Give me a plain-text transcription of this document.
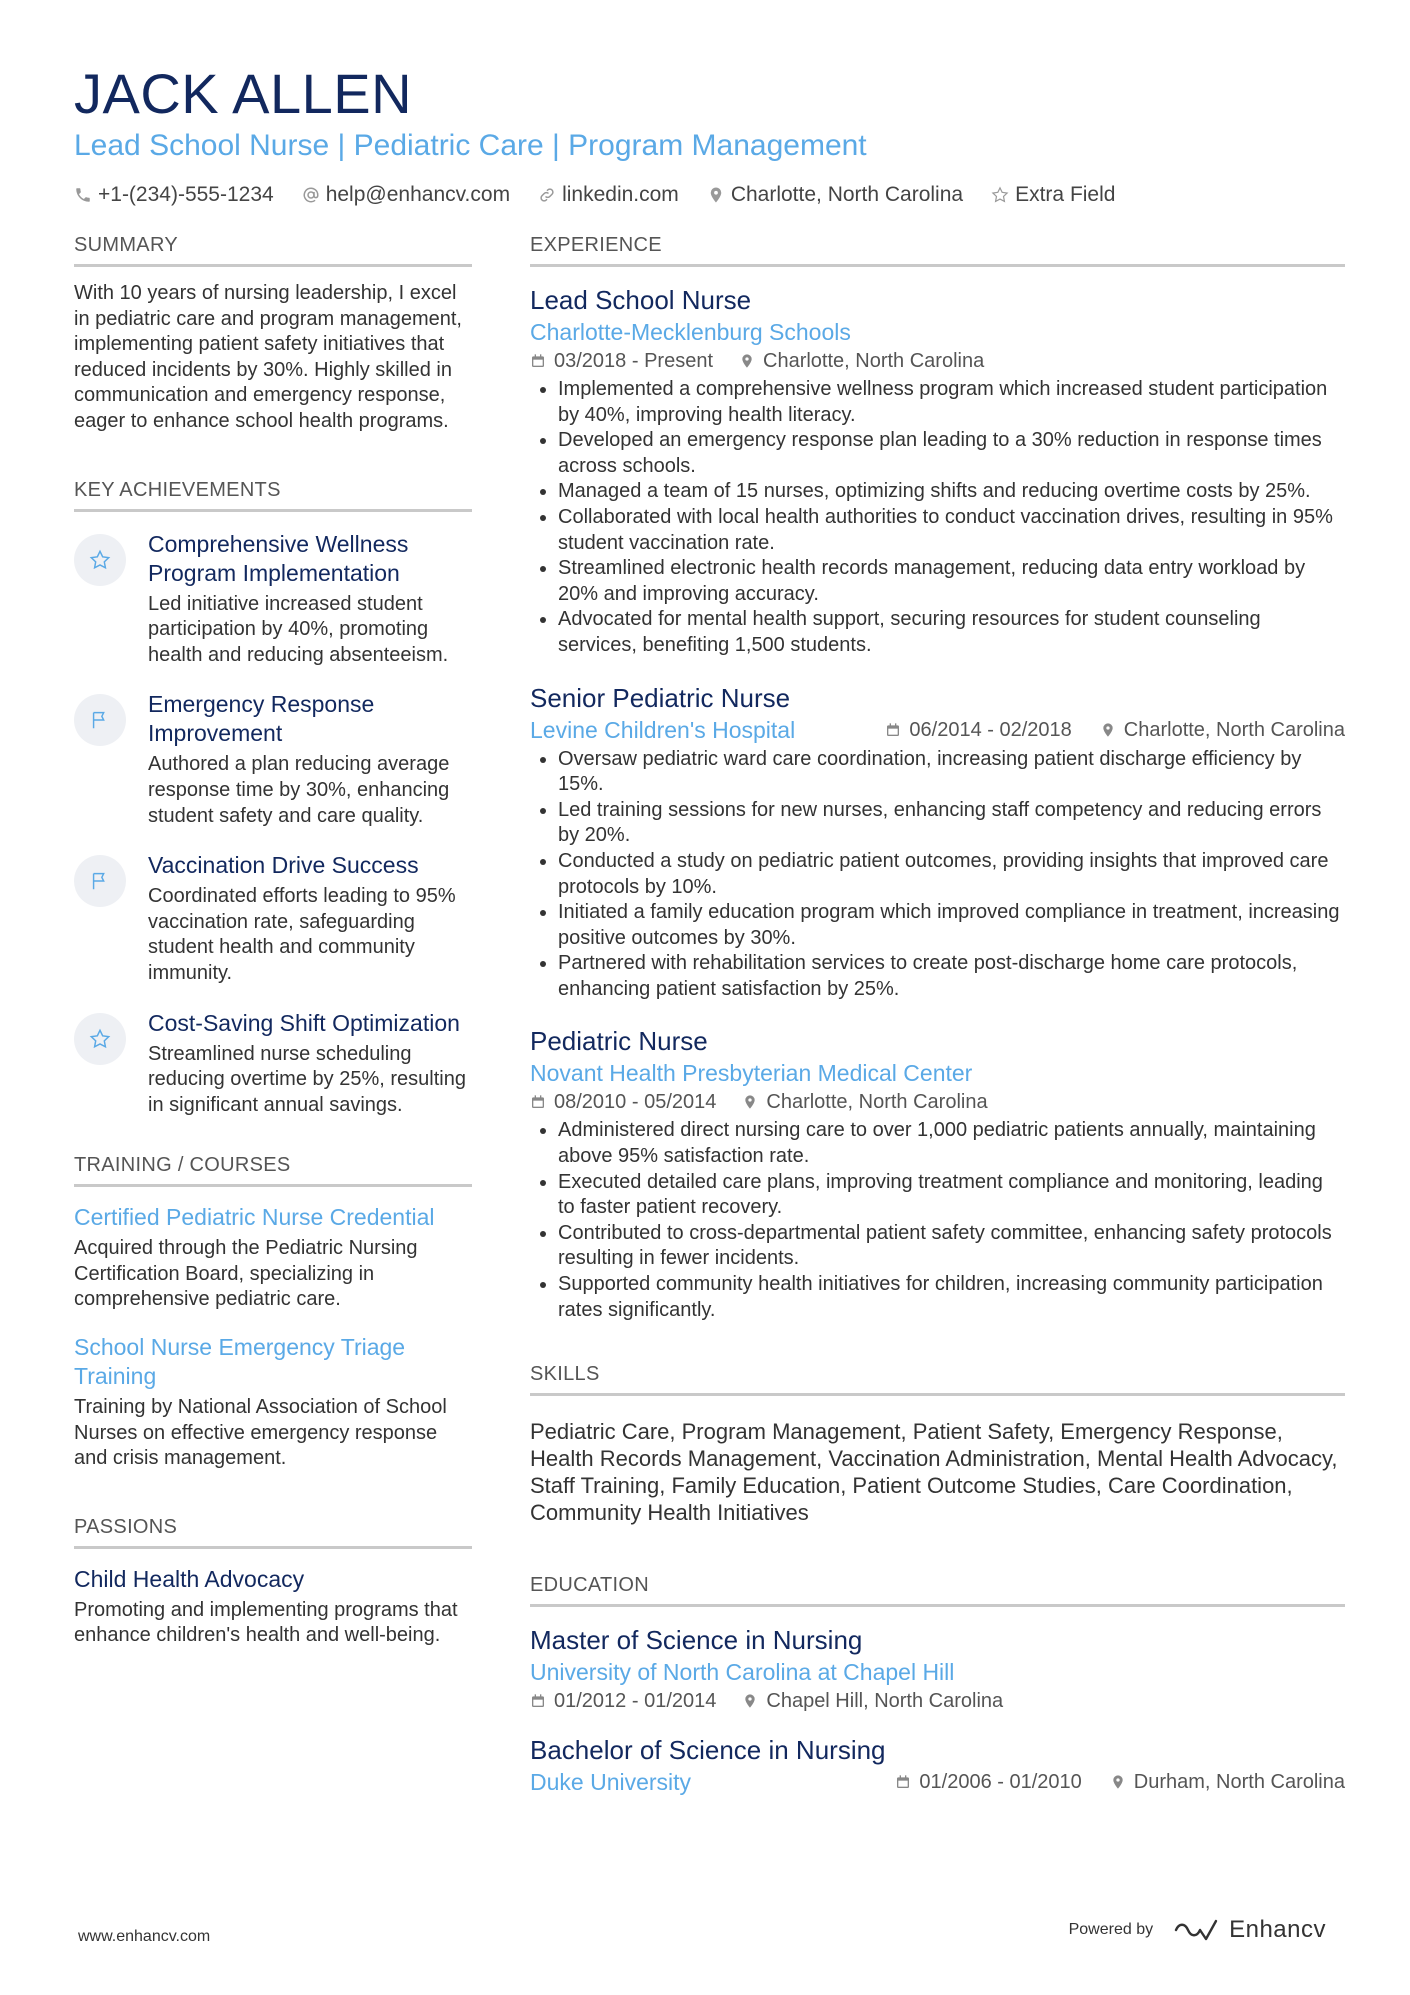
JACK ALLEN
Lead School Nurse | Pediatric Care | Program Management
+1-(234)-555-1234 help@enhancv.com linkedin.com Charlotte, North Carolina Extra Field
SUMMARY
With 10 years of nursing leadership, I excel in pediatric care and program management, implementing patient safety initiatives that reduced incidents by 30%. Highly skilled in communication and emergency response, eager to enhance school health programs.
KEY ACHIEVEMENTS
Comprehensive Wellness Program Implementation
Led initiative increased student participation by 40%, promoting health and reducing absenteeism.
Emergency Response Improvement
Authored a plan reducing average response time by 30%, enhancing student safety and care quality.
Vaccination Drive Success
Coordinated efforts leading to 95% vaccination rate, safeguarding student health and community immunity.
Cost-Saving Shift Optimization
Streamlined nurse scheduling reducing overtime by 25%, resulting in significant annual savings.
TRAINING / COURSES
Certified Pediatric Nurse Credential
Acquired through the Pediatric Nursing Certification Board, specializing in comprehensive pediatric care.
School Nurse Emergency Triage Training
Training by National Association of School Nurses on effective emergency response and crisis management.
PASSIONS
Child Health Advocacy
Promoting and implementing programs that enhance children's health and well-being.
EXPERIENCE
Lead School Nurse
Charlotte-Mecklenburg Schools
03/2018 - Present	Charlotte, North Carolina
• Implemented a comprehensive wellness program which increased student participation by 40%, improving health literacy.
• Developed an emergency response plan leading to a 30% reduction in response times across schools.
• Managed a team of 15 nurses, optimizing shifts and reducing overtime costs by 25%.
• Collaborated with local health authorities to conduct vaccination drives, resulting in 95% student vaccination rate.
• Streamlined electronic health records management, reducing data entry workload by 20% and improving accuracy.
• Advocated for mental health support, securing resources for student counseling services, benefiting 1,500 students.
Senior Pediatric Nurse
Levine Children's Hospital	06/2014 - 02/2018	Charlotte, North Carolina
• Oversaw pediatric ward care coordination, increasing patient discharge efficiency by 15%.
• Led training sessions for new nurses, enhancing staff competency and reducing errors by 20%.
• Conducted a study on pediatric patient outcomes, providing insights that improved care protocols by 10%.
• Initiated a family education program which improved compliance in treatment, increasing positive outcomes by 30%.
• Partnered with rehabilitation services to create post-discharge home care protocols, enhancing patient satisfaction by 25%.
Pediatric Nurse
Novant Health Presbyterian Medical Center
08/2010 - 05/2014	Charlotte, North Carolina
• Administered direct nursing care to over 1,000 pediatric patients annually, maintaining above 95% satisfaction rate.
• Executed detailed care plans, improving treatment compliance and monitoring, leading to faster patient recovery.
• Contributed to cross-departmental patient safety committee, enhancing safety protocols resulting in fewer incidents.
• Supported community health initiatives for children, increasing community participation rates significantly.
SKILLS
Pediatric Care, Program Management, Patient Safety, Emergency Response, Health Records Management, Vaccination Administration, Mental Health Advocacy, Staff Training, Family Education, Patient Outcome Studies, Care Coordination, Community Health Initiatives
EDUCATION
Master of Science in Nursing
University of North Carolina at Chapel Hill
01/2012 - 01/2014	Chapel Hill, North Carolina
Bachelor of Science in Nursing
Duke University	01/2006 - 01/2010	Durham, North Carolina
www.enhancv.com	Powered by	Enhancv
